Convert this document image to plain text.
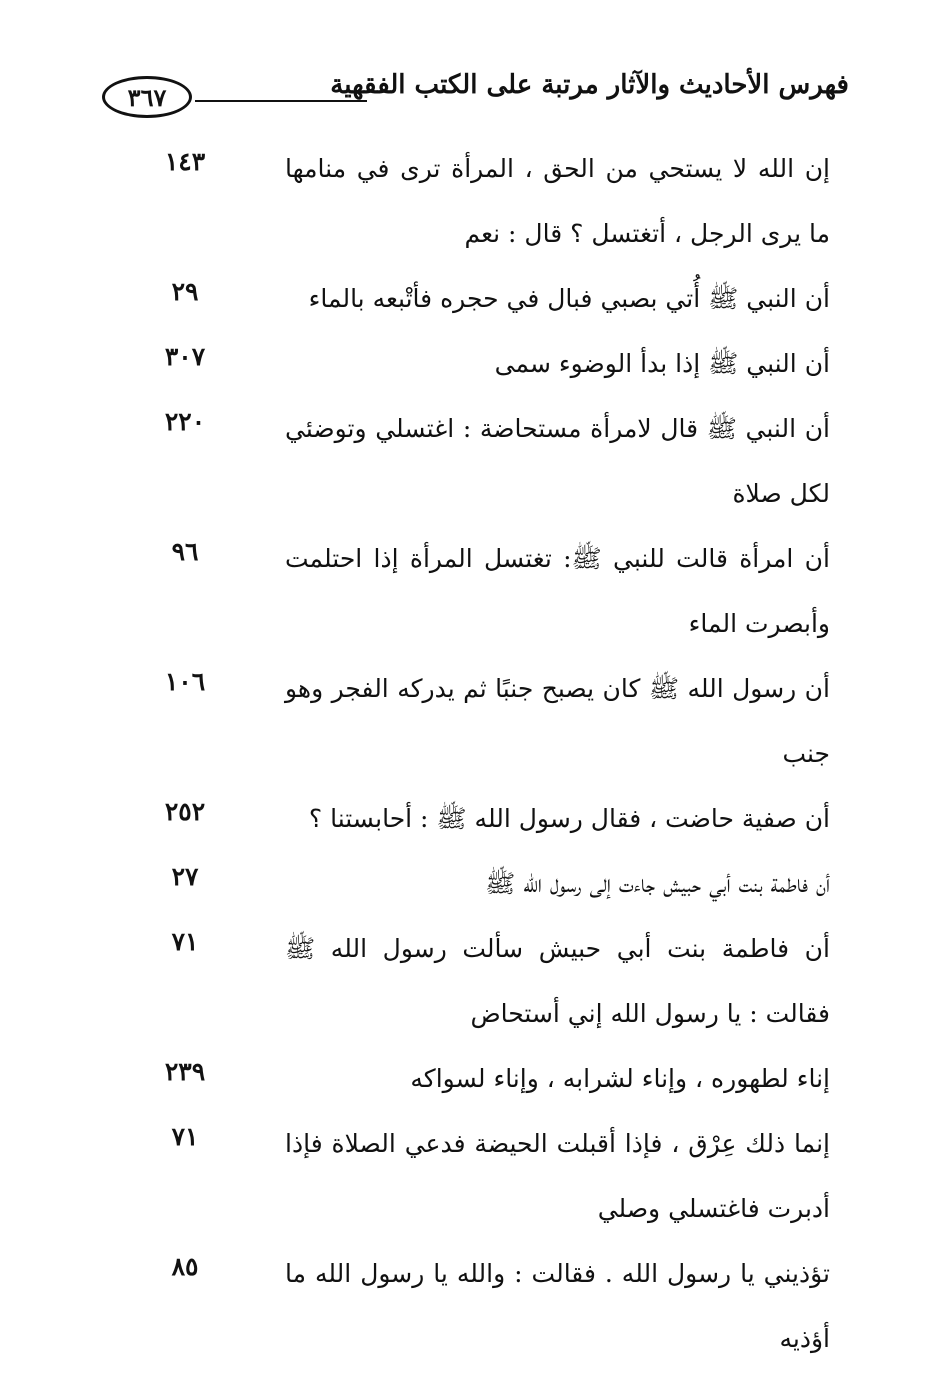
فهرس الأحاديث والآثار مرتبة على الكتب الفقهية
٣٦٧
إن الله لا يستحي من الحق ، المرأة ترى في منامها ما يرى الرجل ، أتغتسل ؟ قال : نعم
١٤٣
أن النبي ﷺ أُتي بصبي فبال في حجره فأتْبعه بالماء
٢٩
أن النبي ﷺ إذا بدأ الوضوء سمى
٣٠٧
أن النبي ﷺ قال لامرأة مستحاضة : اغتسلي وتوضئي لكل صلاة
٢٢٠
أن امرأة قالت للنبي ﷺ: تغتسل المرأة إذا احتلمت وأبصرت الماء
٩٦
أن رسول الله ﷺ كان يصبح جنبًا ثم يدركه الفجر وهو جنب
١٠٦
أن صفية حاضت ، فقال رسول الله ﷺ : أحابستنا ؟
٢٥٢
أن فاطمة بنت أبي حبيش جاءت إلى رسول الله ﷺ
٢٧
أن فاطمة بنت أبي حبيش سألت رسول الله ﷺ فقالت : يا رسول الله إني أستحاض
٧١
إناء لطهوره ، وإناء لشرابه ، وإناء لسواكه
٢٣٩
إنما ذلك عِرْق ، فإذا أقبلت الحيضة فدعي الصلاة فإذا أدبرت فاغتسلي وصلي
٧١
تؤذيني يا رسول الله . فقالت : والله يا رسول الله ما أؤذيه
٨٥
